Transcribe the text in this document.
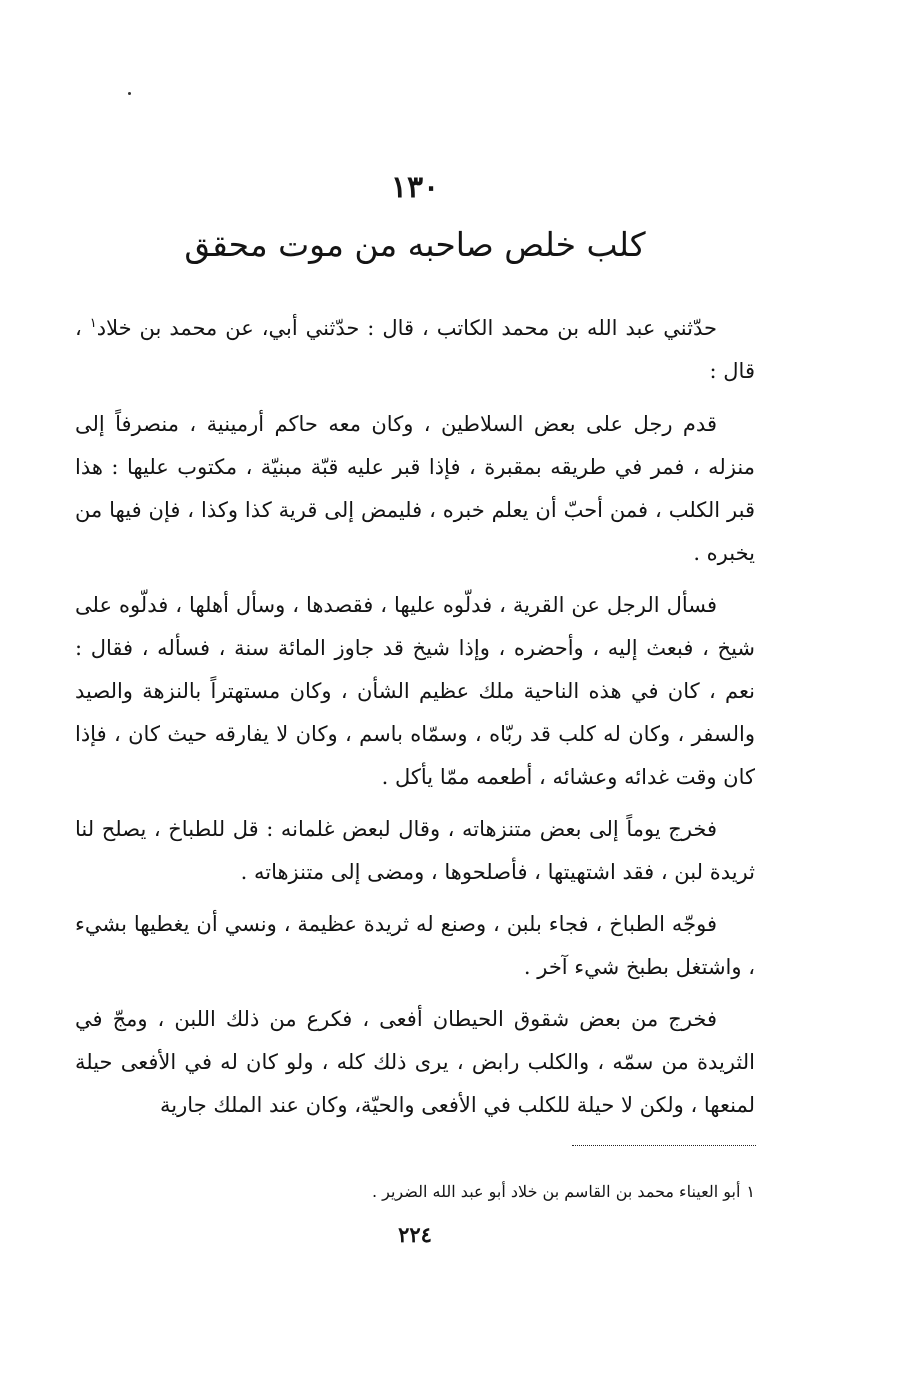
١٣٠
كلب خلص صاحبه من موت محقق

حدّثني عبد الله بن محمد الكاتب ، قال : حدّثني أبي، عن محمد بن خلاد$^١$ ، قال :

قدم رجل على بعض السلاطين ، وكان معه حاكم أرمينية ، منصرفاً إلى منزله ، فمر في طريقه بمقبرة ، فإذا قبر عليه قبّة مبنيّة ، مكتوب عليها : هذا قبر الكلب ، فمن أحبّ أن يعلم خبره ، فليمض إلى قرية كذا وكذا ، فإن فيها من يخبره .

فسأل الرجل عن القرية ، فدلّوه عليها ، فقصدها ، وسأل أهلها ، فدلّوه على شيخ ، فبعث إليه ، وأحضره ، وإذا شيخ قد جاوز المائة سنة ، فسأله ، فقال : نعم ، كان في هذه الناحية ملك عظيم الشأن ، وكان مستهتراً بالنزهة والصيد والسفر ، وكان له كلب قد ربّاه ، وسمّاه باسم ، وكان لا يفارقه حيث كان ، فإذا كان وقت غدائه وعشائه ، أطعمه ممّا يأكل .

فخرج يوماً إلى بعض متنزهاته ، وقال لبعض غلمانه : قل للطباخ ، يصلح لنا ثريدة لبن ، فقد اشتهيتها ، فأصلحوها ، ومضى إلى متنزهاته .

فوجّه الطباخ ، فجاء بلبن ، وصنع له ثريدة عظيمة ، ونسي أن يغطيها بشيء ، واشتغل بطبخ شيء آخر .

فخرج من بعض شقوق الحيطان أفعى ، فكرع من ذلك اللبن ، ومجّ في الثريدة من سمّه ، والكلب رابض ، يرى ذلك كله ، ولو كان له في الأفعى حيلة لمنعها ، ولكن لا حيلة للكلب في الأفعى والحيّة، وكان عند الملك جارية

١أبو العيناء محمد بن القاسم بن خلاد أبو عبد الله الضرير .
٢٢٤
